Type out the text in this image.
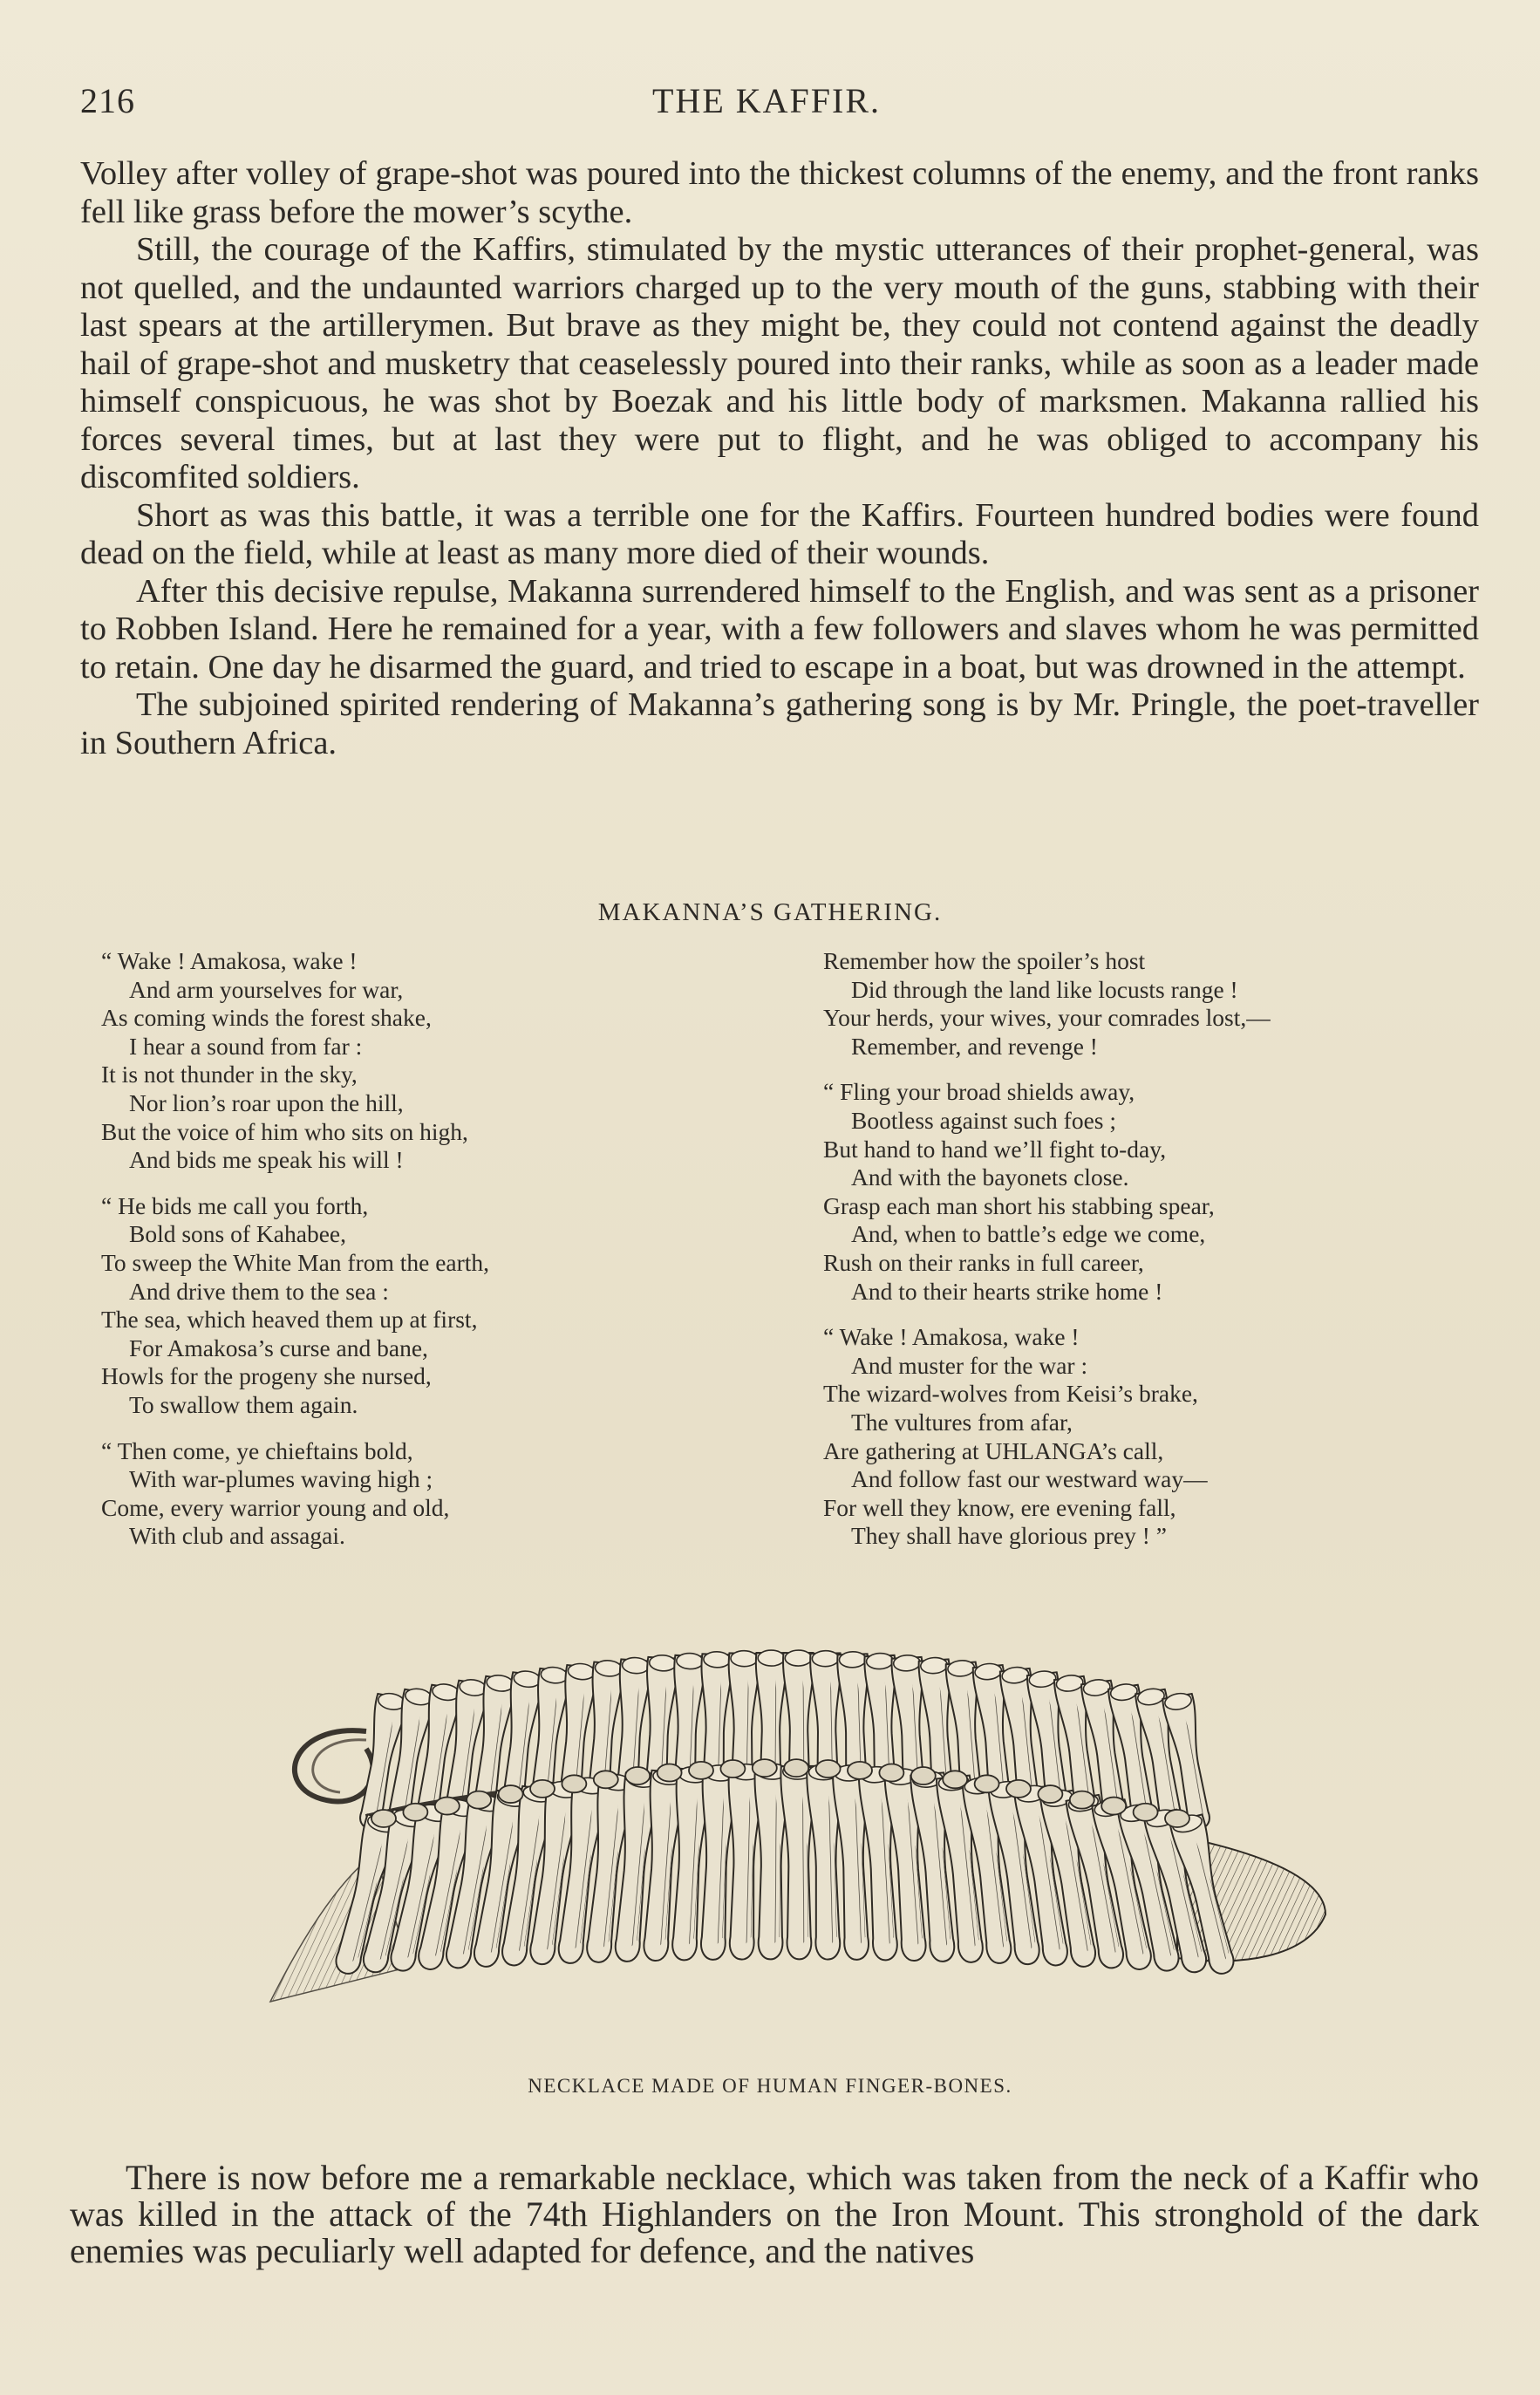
216	THE KAFFIR.

Volley after volley of grape-shot was poured into the thickest columns of the enemy, and the front ranks fell like grass before the mower’s scythe.

Still, the courage of the Kaffirs, stimulated by the mystic utterances of their prophet-general, was not quelled, and the undaunted warriors charged up to the very mouth of the guns, stabbing with their last spears at the artillerymen. But brave as they might be, they could not contend against the deadly hail of grape-shot and musketry that ceaselessly poured into their ranks, while as soon as a leader made himself conspicuous, he was shot by Boezak and his little body of marksmen. Makanna rallied his forces several times, but at last they were put to flight, and he was obliged to accompany his discomfited soldiers.

Short as was this battle, it was a terrible one for the Kaffirs. Fourteen hundred bodies were found dead on the field, while at least as many more died of their wounds.

After this decisive repulse, Makanna surrendered himself to the English, and was sent as a prisoner to Robben Island. Here he remained for a year, with a few followers and slaves whom he was permitted to retain. One day he disarmed the guard, and tried to escape in a boat, but was drowned in the attempt.

The subjoined spirited rendering of Makanna’s gathering song is by Mr. Pringle, the poet-traveller in Southern Africa.

MAKANNA’S GATHERING.
“ Wake ! Amakosa, wake !
And arm yourselves for war,
As coming winds the forest shake,
I hear a sound from far :
It is not thunder in the sky,
Nor lion’s roar upon the hill,
But the voice of him who sits on high,
And bids me speak his will !
“ He bids me call you forth,
Bold sons of Kahabee,
To sweep the White Man from the earth,
And drive them to the sea :
The sea, which heaved them up at first,
For Amakosa’s curse and bane,
Howls for the progeny she nursed,
To swallow them again.
“ Then come, ye chieftains bold,
With war-plumes waving high ;
Come, every warrior young and old,
With club and assagai.
Remember how the spoiler’s host
Did through the land like locusts range !
Your herds, your wives, your comrades lost,—
Remember, and revenge !
“ Fling your broad shields away,
Bootless against such foes ;
But hand to hand we’ll fight to-day,
And with the bayonets close.
Grasp each man short his stabbing spear,
And, when to battle’s edge we come,
Rush on their ranks in full career,
And to their hearts strike home !
“ Wake ! Amakosa, wake !
And muster for the war :
The wizard-wolves from Keisi’s brake,
The vultures from afar,
Are gathering at UHLANGA’s call,
And follow fast our westward way—
For well they know, ere evening fall,
They shall have glorious prey ! ”
NECKLACE MADE OF HUMAN FINGER-BONES.

There is now before me a remarkable necklace, which was taken from the neck of a Kaffir who was killed in the attack of the 74th Highlanders on the Iron Mount. This stronghold of the dark enemies was peculiarly well adapted for defence, and the natives
